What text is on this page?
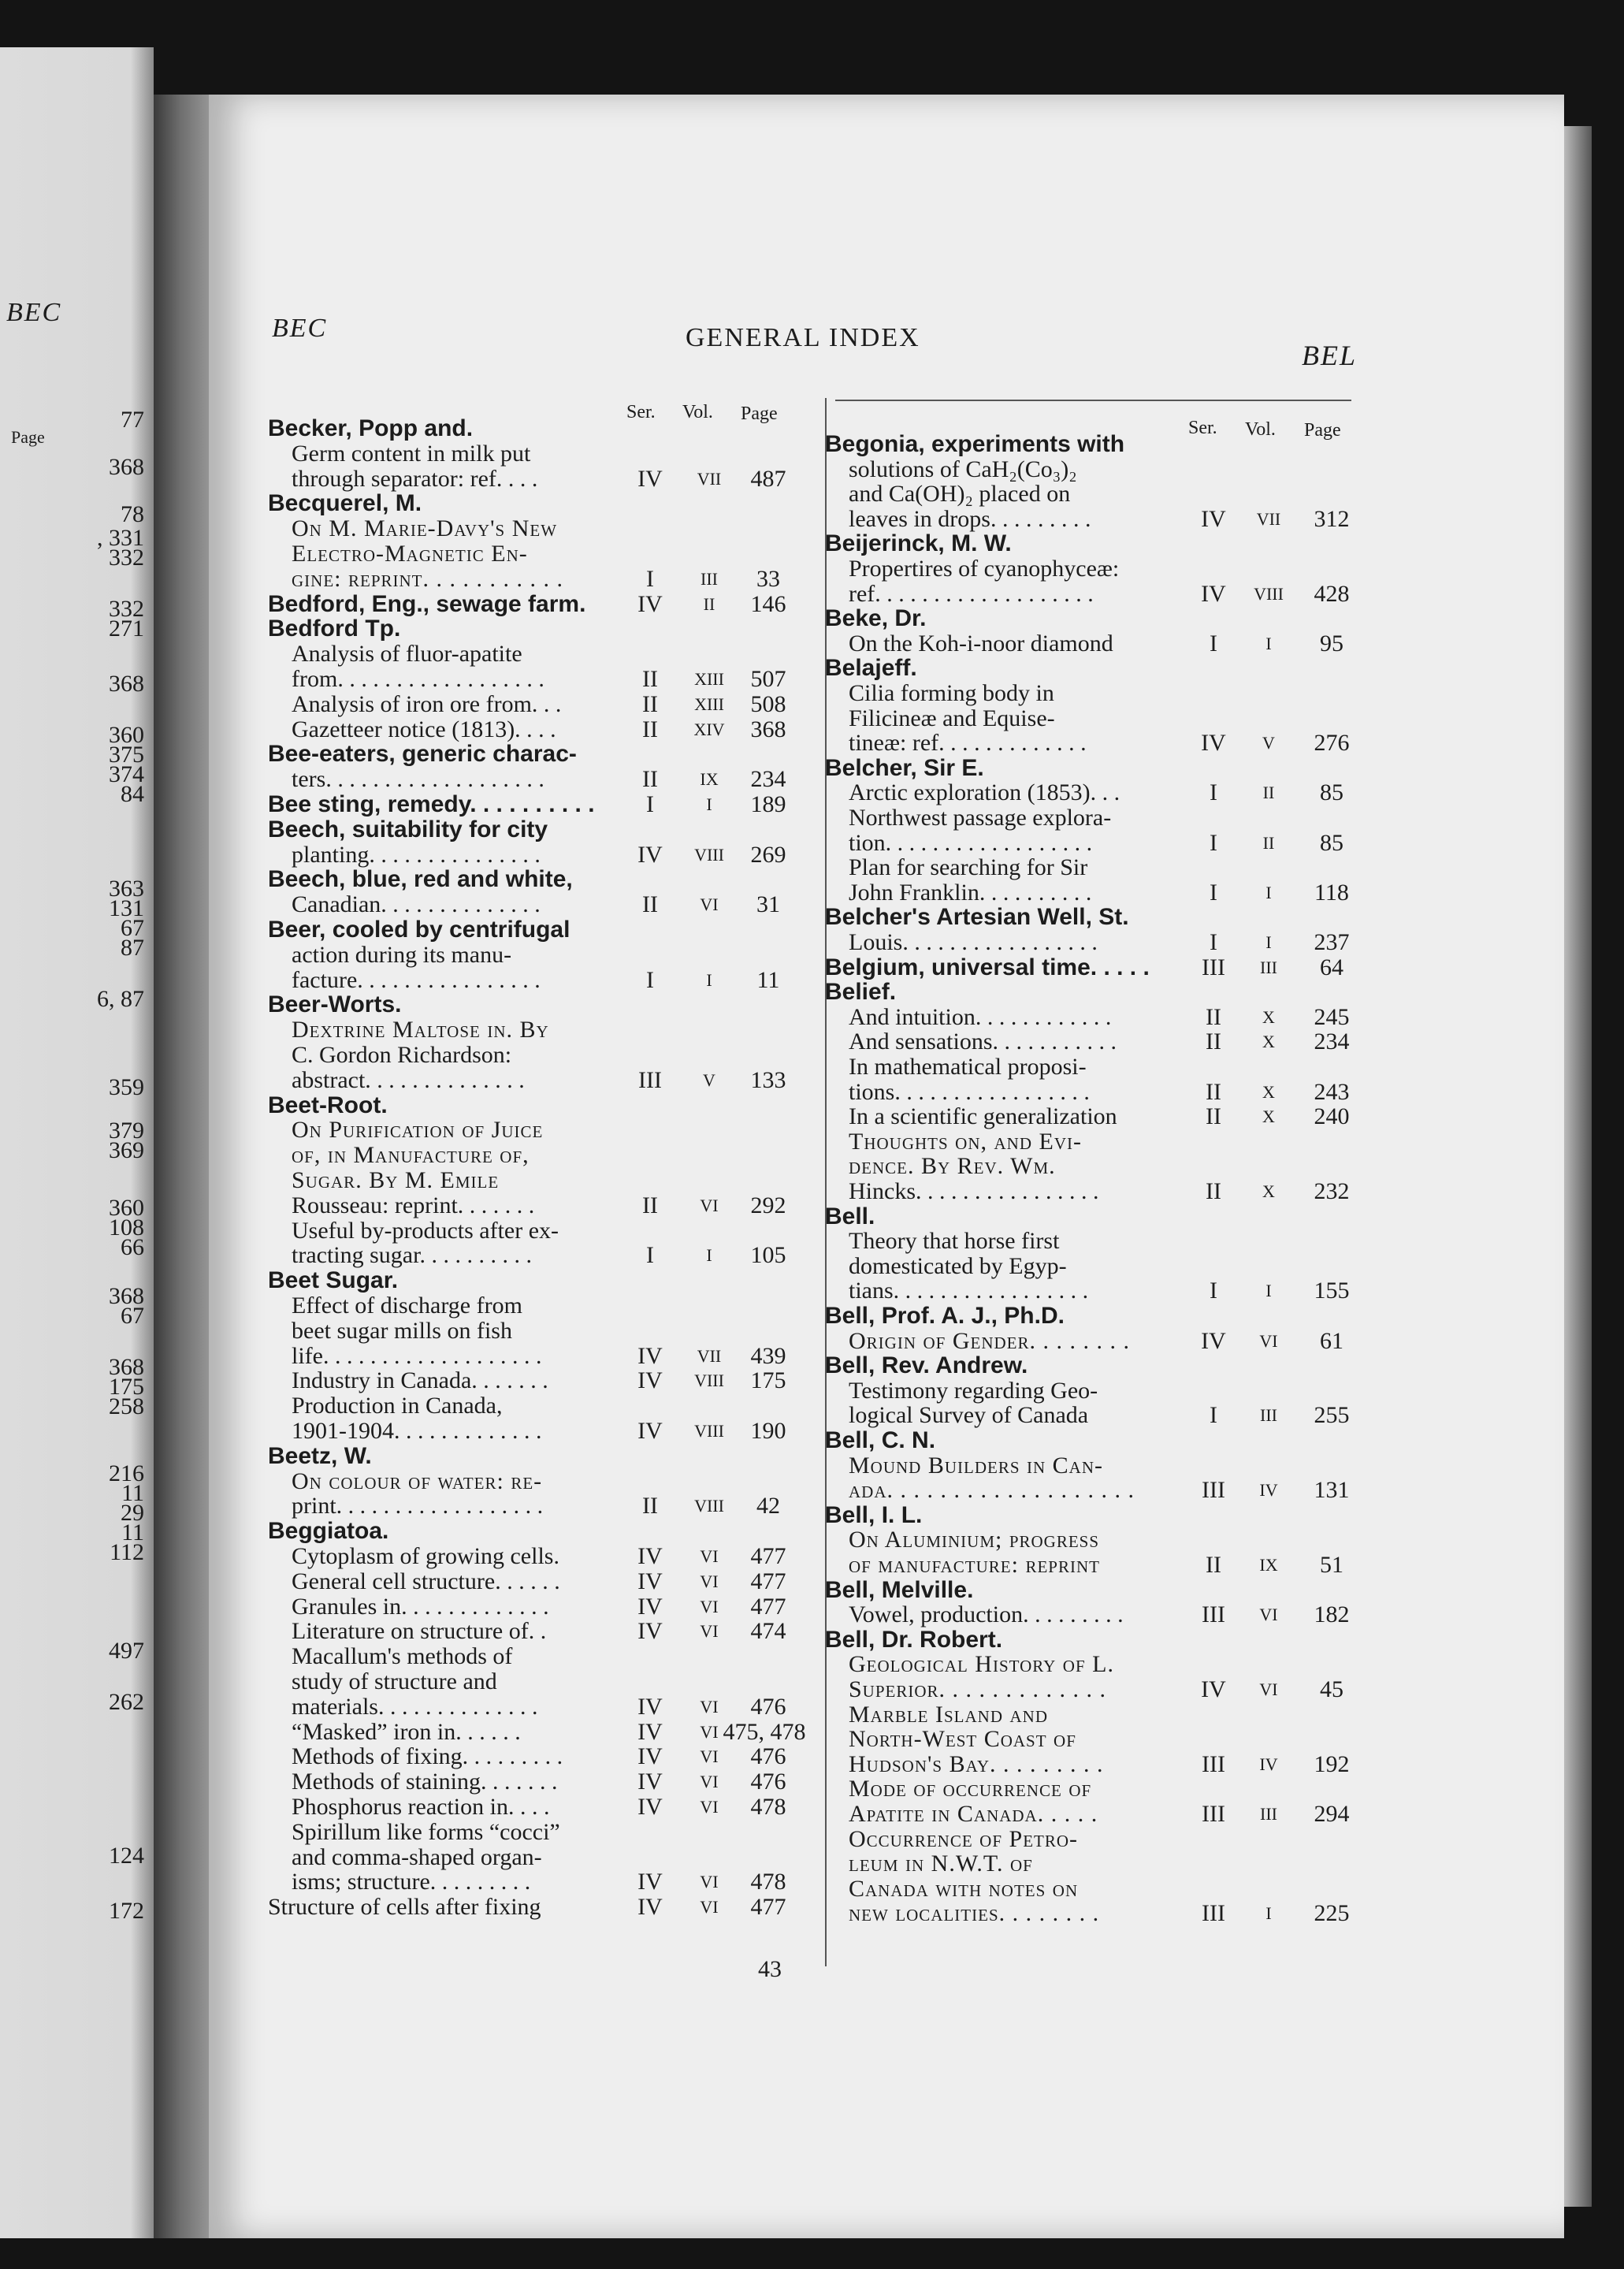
BEC
Page
77
368
78
, 331
332
332
271
368
360
375
374
84
363
131
67
87
6, 87
359
379
369
360
108
66
368
67
368
175
258
216
11
29
11
112
497
262
124
172
BEC	GENERAL INDEX
BEL
Ser. Vol. Page
Ser. Vol. Page
Becker, Popp and.
Germ content in milk put
through separator: ref. . . .	IV	VII	487
Becquerel, M.
On M. Marie-Davy's New
Electro-Magnetic En-
gine: reprint. . . . . . . . . . .	I	III	33
Bedford, Eng., sewage farm.	IV	II	146
Bedford Tp.
Analysis of fluor-apatite
from. . . . . . . . . . . . . . . . . .	II	XIII	507
Analysis of iron ore from. . .	II	XIII	508
Gazetteer notice (1813). . . .	II	XIV	368
Bee-eaters, generic charac-
ters. . . . . . . . . . . . . . . . . . .	II	IX	234
Bee sting, remedy. . . . . . . . . .	I	I	189
Beech, suitability for city
planting. . . . . . . . . . . . . . .	IV	VIII	269
Beech, blue, red and white,
Canadian. . . . . . . . . . . . . .	II	VI	31
Beer, cooled by centrifugal
action during its manu-
facture. . . . . . . . . . . . . . . .	I	I	11
Beer-Worts.
Dextrine Maltose in. By
C. Gordon Richardson:
abstract. . . . . . . . . . . . . .	III	V	133
Beet-Root.
On Purification of Juice
of, in Manufacture of,
Sugar. By M. Emile
Rousseau: reprint. . . . . . .	II	VI	292
Useful by-products after ex-
tracting sugar. . . . . . . . . .	I	I	105
Beet Sugar.
Effect of discharge from
beet sugar mills on fish
life. . . . . . . . . . . . . . . . . . .	IV	VII	439
Industry in Canada. . . . . . .	IV	VIII	175
Production in Canada,
1901-1904. . . . . . . . . . . . .	IV	VIII	190
Beetz, W.
On colour of water: re-
print. . . . . . . . . . . . . . . . . .	II	VIII	42
Beggiatoa.
Cytoplasm of growing cells.	IV	VI	477
General cell structure. . . . . .	IV	VI	477
Granules in. . . . . . . . . . . . .	IV	VI	477
Literature on structure of. .	IV	VI	474
Macallum's methods of
study of structure and
materials. . . . . . . . . . . . . .	IV	VI	476
“Masked” iron in. . . . . .	IV	VI 475, 478
Methods of fixing. . . . . . . . .	IV	VI	476
Methods of staining. . . . . . .	IV	VI	476
Phosphorus reaction in. . . .	IV	VI	478
Spirillum like forms “cocci”
and comma-shaped organ-
isms; structure. . . . . . . . .	IV	VI	478
Structure of cells after fixing	IV	VI	477
Begonia, experiments with
solutions of CaH₂(Co₃)₂
and Ca(OH)₂ placed on
leaves in drops. . . . . . . . .	IV	VII	312
Beijerinck, M. W.
Propertires of cyanophyceæ:
ref. . . . . . . . . . . . . . . . . . .	IV	VIII	428
Beke, Dr.
On the Koh-i-noor diamond	I	I	95
Belajeff.
Cilia forming body in
Filicineæ and Equise-
tineæ: ref. . . . . . . . . . . . .	IV	V	276
Belcher, Sir E.
Arctic exploration (1853). . .	I	II	85
Northwest passage explora-
tion. . . . . . . . . . . . . . . . . .	I	II	85
Plan for searching for Sir
John Franklin. . . . . . . . . .	I	I	118
Belcher's Artesian Well, St.
Louis. . . . . . . . . . . . . . . . .	I	I	237
Belgium, universal time. . . . .	III	III	64
Belief.
And intuition. . . . . . . . . . . .	II	X	245
And sensations. . . . . . . . . . .	II	X	234
In mathematical proposi-
tions. . . . . . . . . . . . . . . . .	II	X	243
In a scientific generalization	II	X	240
Thoughts on, and Evi-
dence. By Rev. Wm.
Hincks. . . . . . . . . . . . . . . .	II	X	232
Bell.
Theory that horse first
domesticated by Egyp-
tians. . . . . . . . . . . . . . . . .	I	I	155
Bell, Prof. A. J., Ph.D.
Origin of Gender. . . . . . . .	IV	VI	61
Bell, Rev. Andrew.
Testimony regarding Geo-
logical Survey of Canada	I	III	255
Bell, C. N.
Mound Builders in Can-
ada. . . . . . . . . . . . . . . . . . .	III	IV	131
Bell, I. L.
On Aluminium; progress
of manufacture: reprint	II	IX	51
Bell, Melville.
Vowel, production. . . . . . . . .	III	VI	182
Bell, Dr. Robert.
Geological History of L.
Superior. . . . . . . . . . . . .	IV	VI	45
Marble Island and
North-West Coast of
Hudson's Bay. . . . . . . . .	III	IV	192
Mode of occurrence of
Apatite in Canada. . . . .	III	III	294
Occurrence of Petro-
leum in N.W.T. of
Canada with notes on
new localities. . . . . . . .	III	I	225
43
